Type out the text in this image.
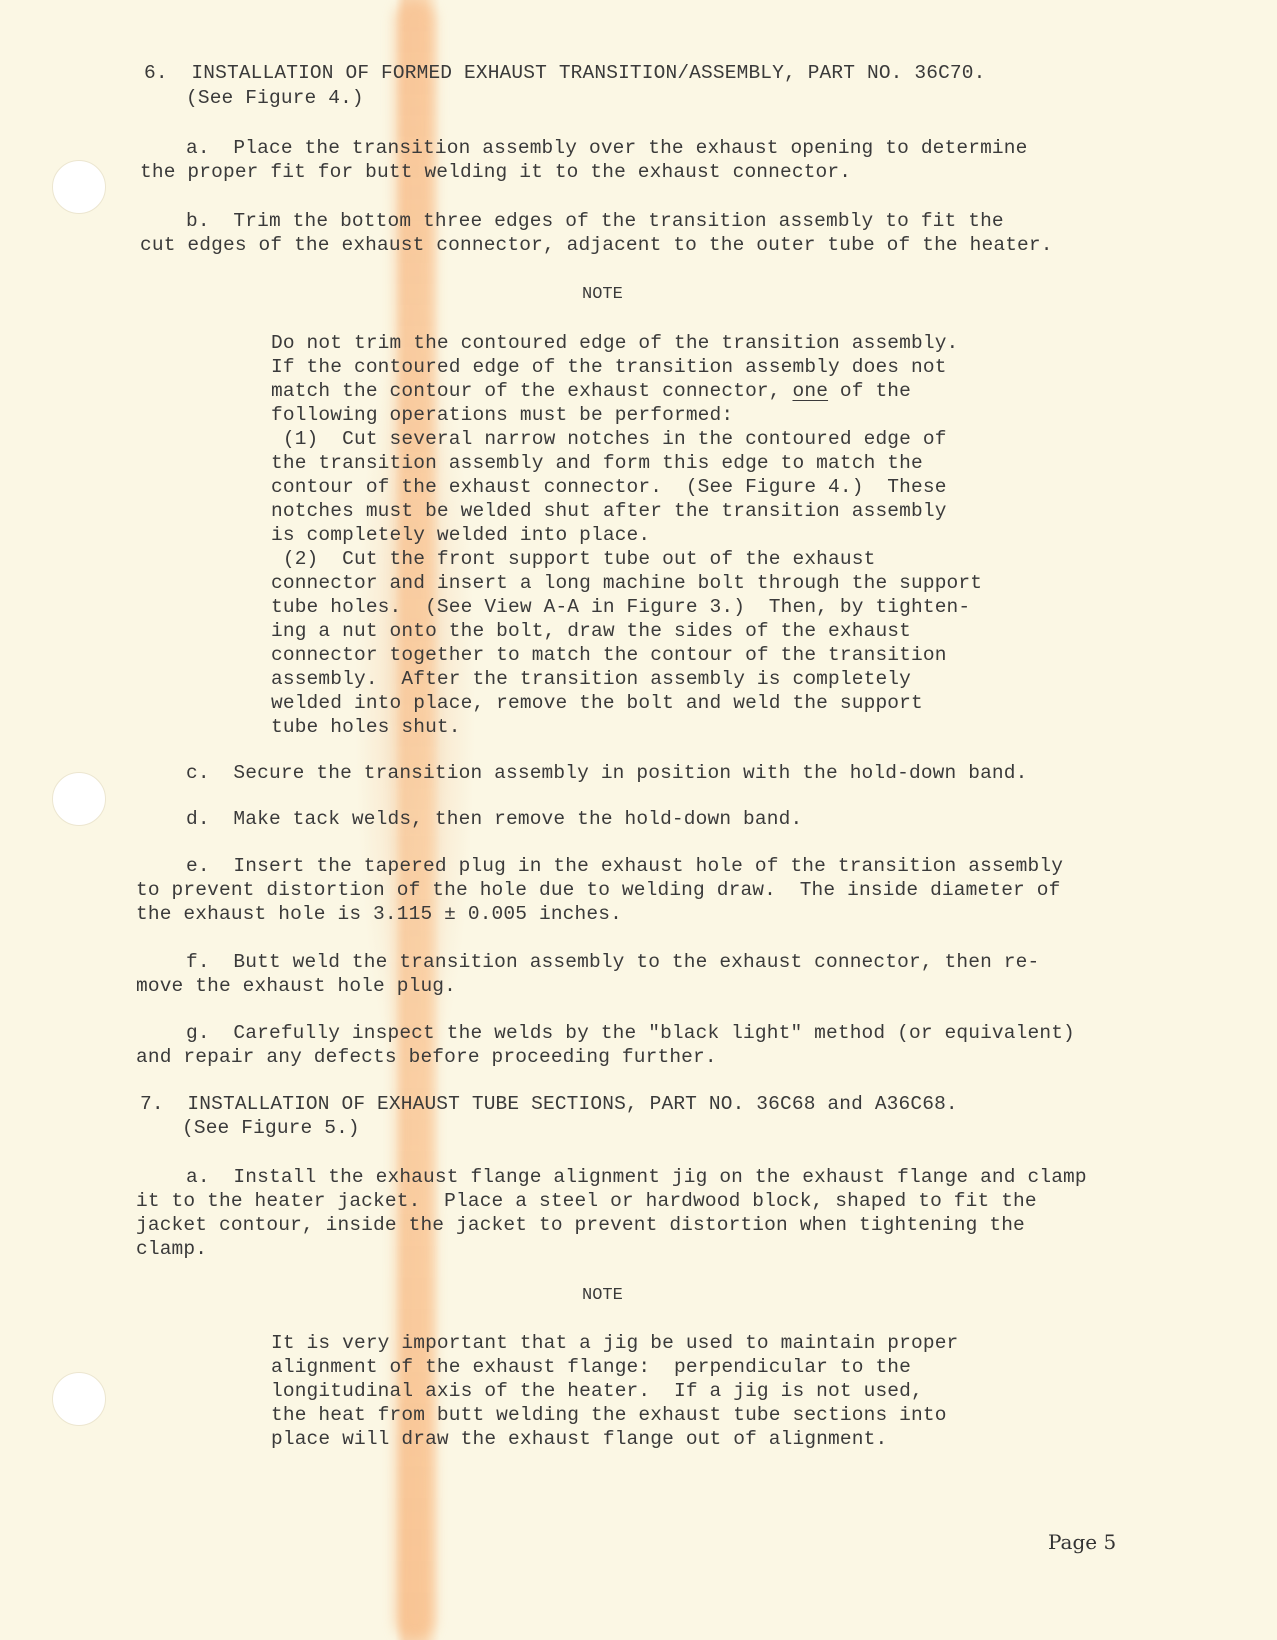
6.  INSTALLATION OF FORMED EXHAUST TRANSITION/ASSEMBLY, PART NO. 36C70.
(See Figure 4.)
a.  Place the transition assembly over the exhaust opening to determine
the proper fit for butt welding it to the exhaust connector.
b.  Trim the bottom three edges of the transition assembly to fit the
cut edges of the exhaust connector, adjacent to the outer tube of the heater.
NOTE
Do not trim the contoured edge of the transition assembly.
If the contoured edge of the transition assembly does not
match the contour of the exhaust connector, one of the
following operations must be performed:
(1)  Cut several narrow notches in the contoured edge of
the transition assembly and form this edge to match the
contour of the exhaust connector.  (See Figure 4.)  These
notches must be welded shut after the transition assembly
is completely welded into place.
(2)  Cut the front support tube out of the exhaust
connector and insert a long machine bolt through the support
tube holes.  (See View A-A in Figure 3.)  Then, by tighten-
ing a nut onto the bolt, draw the sides of the exhaust
connector together to match the contour of the transition
assembly.  After the transition assembly is completely
welded into place, remove the bolt and weld the support
tube holes shut.
c.  Secure the transition assembly in position with the hold-down band.
d.  Make tack welds, then remove the hold-down band.
e.  Insert the tapered plug in the exhaust hole of the transition assembly
to prevent distortion of the hole due to welding draw.  The inside diameter of
the exhaust hole is 3.115 ± 0.005 inches.
f.  Butt weld the transition assembly to the exhaust connector, then re-
move the exhaust hole plug.
g.  Carefully inspect the welds by the "black light" method (or equivalent)
and repair any defects before proceeding further.
7.  INSTALLATION OF EXHAUST TUBE SECTIONS, PART NO. 36C68 and A36C68.
(See Figure 5.)
a.  Install the exhaust flange alignment jig on the exhaust flange and clamp
it to the heater jacket.  Place a steel or hardwood block, shaped to fit the
jacket contour, inside the jacket to prevent distortion when tightening the
clamp.
NOTE
It is very important that a jig be used to maintain proper
alignment of the exhaust flange:  perpendicular to the
longitudinal axis of the heater.  If a jig is not used,
the heat from butt welding the exhaust tube sections into
place will draw the exhaust flange out of alignment.
Page 5
